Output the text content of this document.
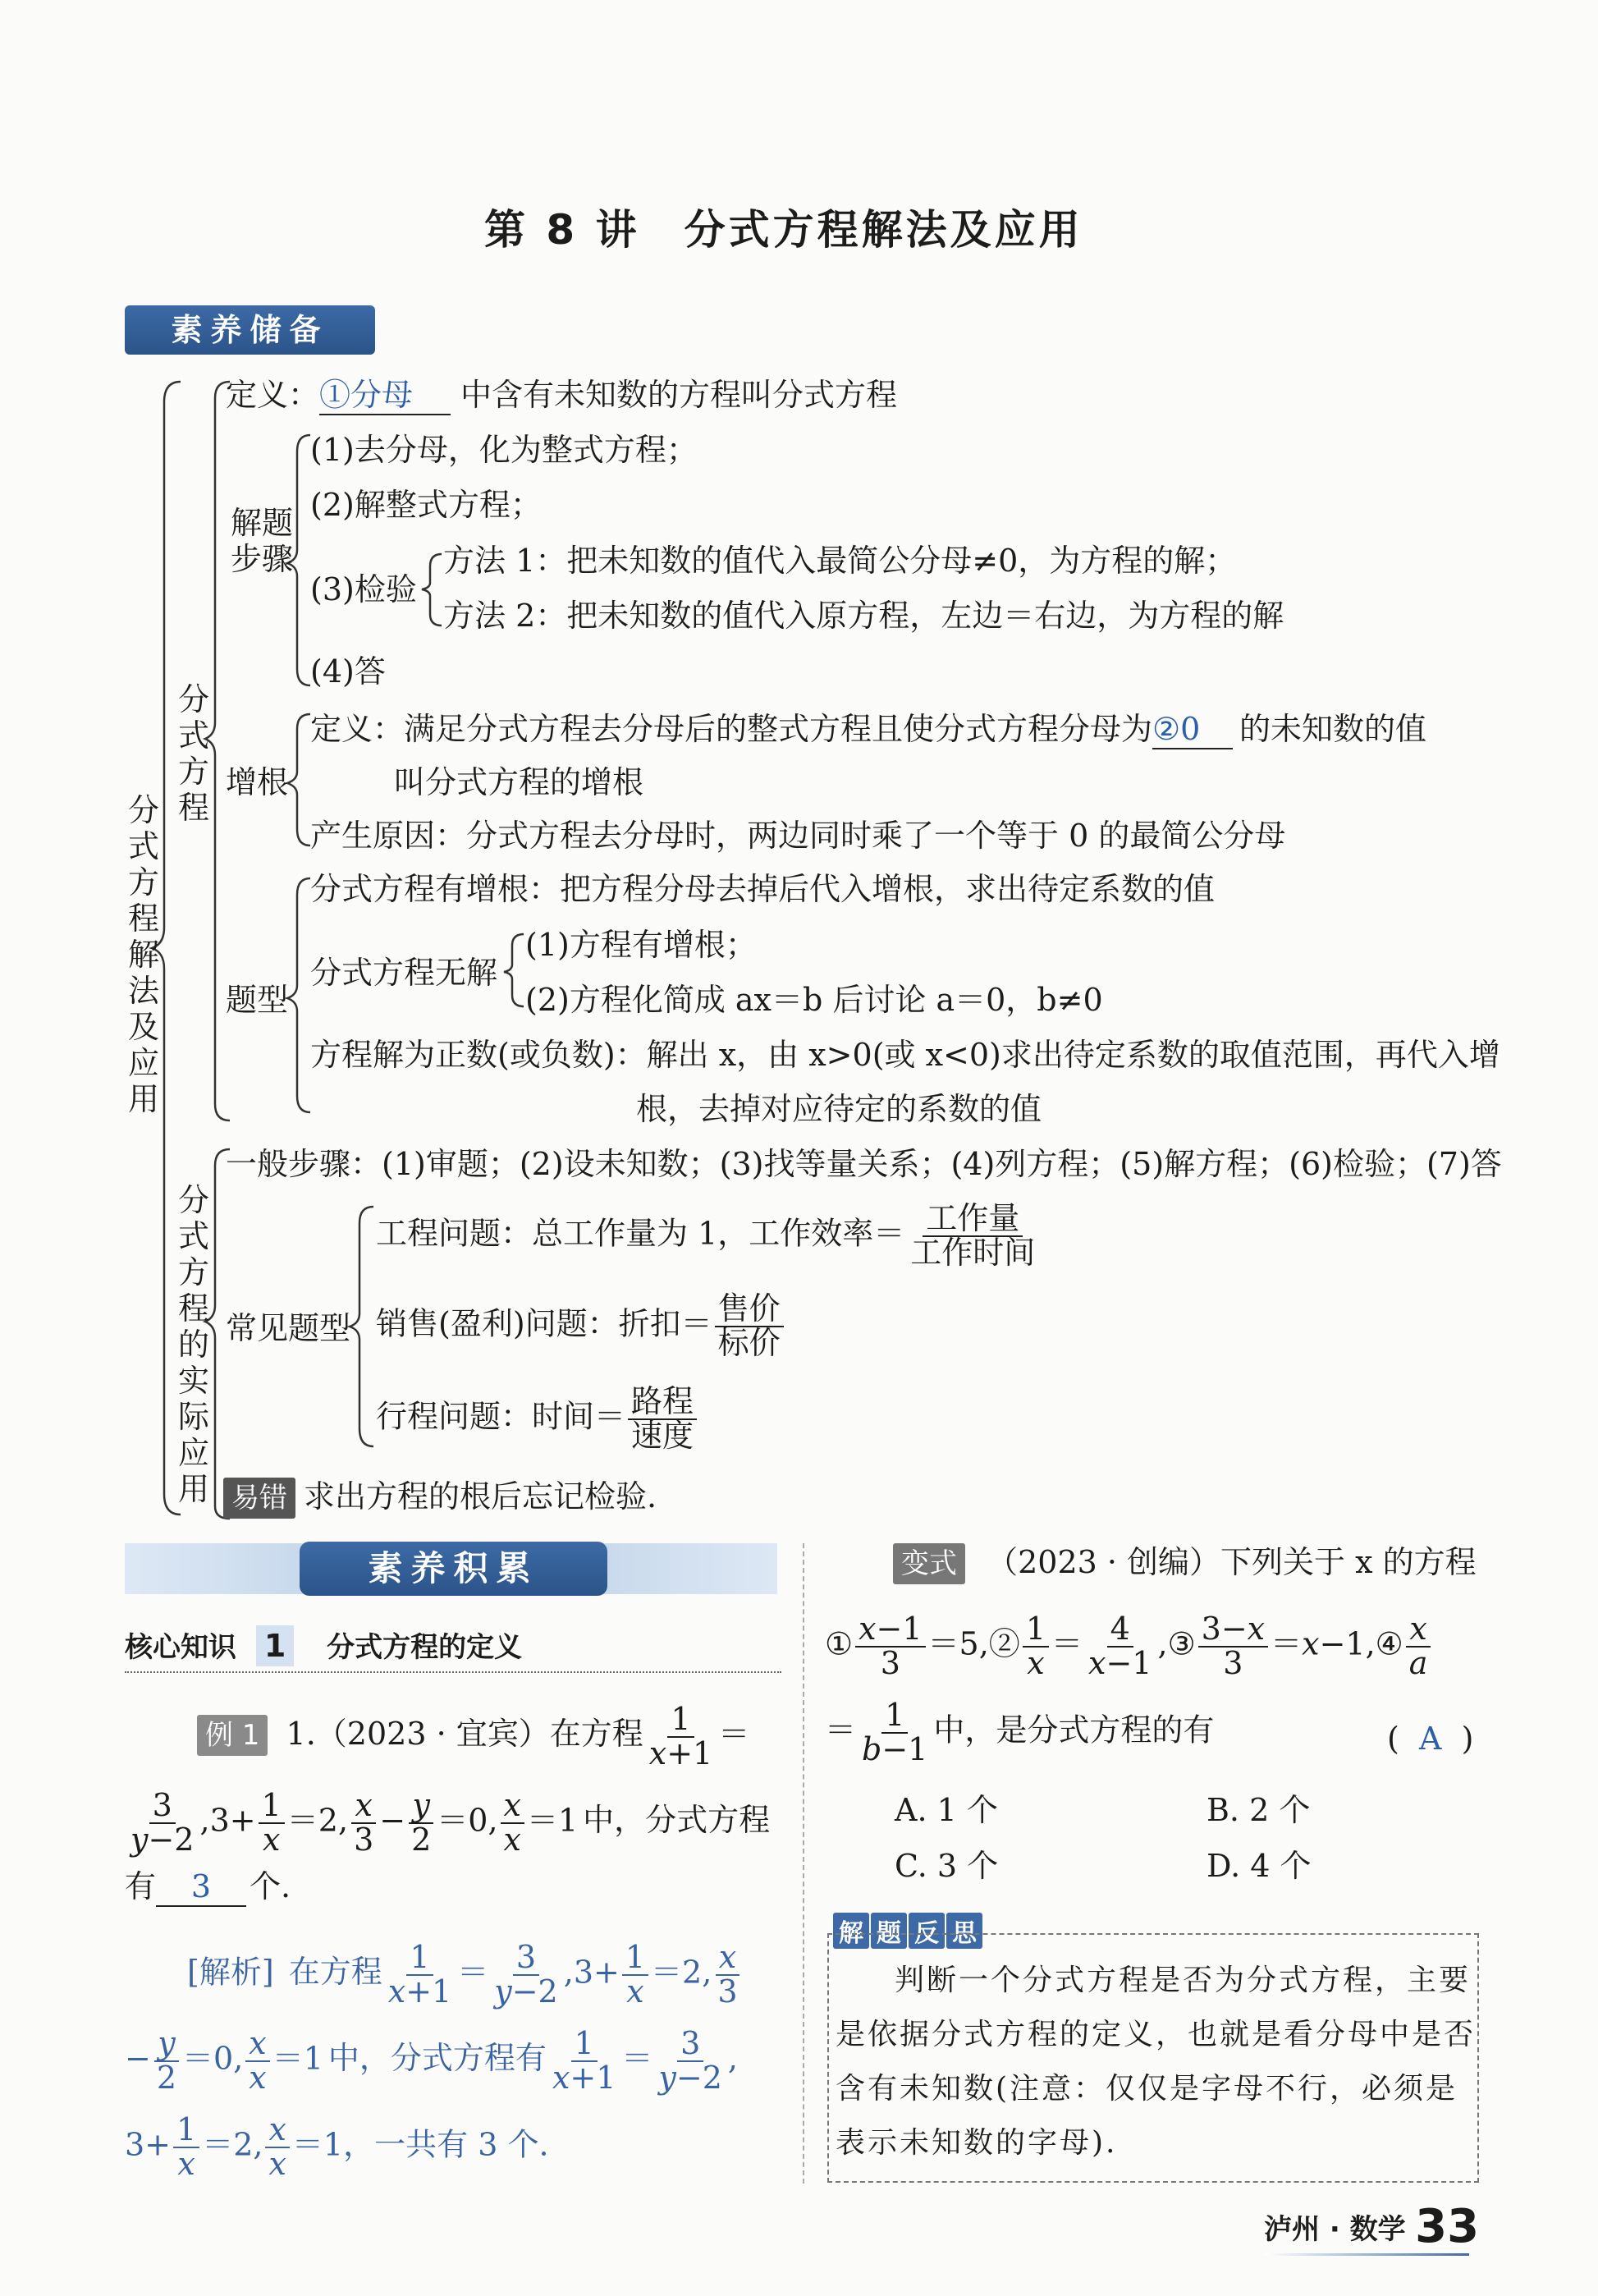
第 8 讲　分式方程解法及应用
素养储备
分式方程解法及应用
分式方程
分式方程的实际应用
定义：①分母 中含有未知数的方程叫分式方程
解题步骤
(1)去分母，化为整式方程；
(2)解整式方程；
(3)检验
方法 1：把未知数的值代入最简公分母≠0，为方程的解；
方法 2：把未知数的值代入原方程，左边＝右边，为方程的解
(4)答
增根
定义：满足分式方程去分母后的整式方程且使分式方程分母为②0 的未知数的值
叫分式方程的增根
产生原因：分式方程去分母时，两边同时乘了一个等于 0 的最简公分母
题型
分式方程有增根：把方程分母去掉后代入增根，求出待定系数的值
分式方程无解
(1)方程有增根；
(2)方程化简成 ax＝b 后讨论 a＝0，b≠0
方程解为正数(或负数)：解出 x，由 x>0(或 x<0)求出待定系数的取值范围，再代入增
根，去掉对应待定的系数的值
一般步骤：(1)审题；(2)设未知数；(3)找等量关系；(4)列方程；(5)解方程；(6)检验；(7)答
常见题型
工程问题：总工作量为 1，工作效率＝ $\frac{\text{工作量}}{\text{工作时间}}$
销售(盈利)问题：折扣＝ $\frac{\text{售价}}{\text{标价}}$
行程问题：时间＝ $\frac{\text{路程}}{\text{速度}}$
易错 求出方程的根后忘记检验.
素养积累
核心知识 1 分式方程的定义
例 1 1.（2023 · 宜宾）在方程 $\frac{1}{x+1}$ ＝
$\frac{3}{y-2} ,3+ \frac{1}{x} =2$, $\frac{x}{3} - \frac{y}{2} =0$, $\frac{x}{x} =1$ 中，分式方程
有 3 个.
[解析] 在方程 $\frac{1}{x+1} = \frac{3}{y-2} ,3+ \frac{1}{x} =2$, $\frac{x}{3}$
− $\frac{y}{2} =0$, $\frac{x}{x} =1$ 中，分式方程有 $\frac{1}{x+1} = \frac{3}{y-2}$ ,
$3+ \frac{1}{x} =2$, $\frac{x}{x} =1$，一共有 3 个.
变式 （2023 · 创编）下列关于 x 的方程
① $\frac{x-1}{3}$ ＝5,② $\frac{1}{x} = \frac{4}{x-1}$ ,③ $\frac{3-x}{3}$ ＝x−1,④ $\frac{x}{a}$
＝ $\frac{1}{b-1}$ 中，是分式方程的有	(  A  )
A. 1 个	B. 2 个
C. 3 个	D. 4 个
解 题 反 思
判断一个分式方程是否为分式方程，主要是依据分式方程的定义，也就是看分母中是否含有未知数(注意：仅仅是字母不行，必须是表示未知数的字母).
泸州 · 数学 33
